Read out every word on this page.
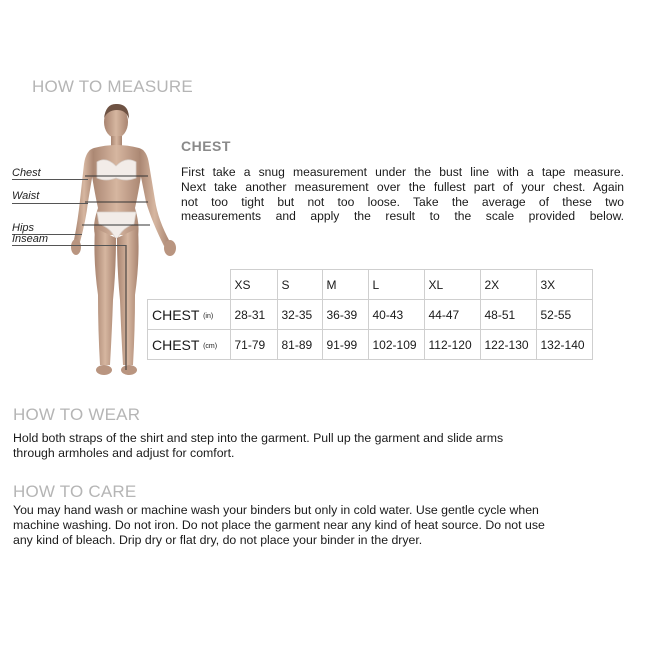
HOW TO MEASURE
Chest
Waist
Hips
Inseam
CHEST
First take a snug measurement under the bust line with a tape measure.
Next take another measurement over the fullest part of your chest. Again
not too tight but not too loose. Take the average of these two
measurements and apply the result to the scale provided below.
	XS	S	M	L	XL	2X	3X
CHEST (in)	28-31	32-35	36-39	40-43	44-47	48-51	52-55
CHEST (cm)	71-79	81-89	91-99	102-109	112-120	122-130	132-140
HOW TO WEAR
Hold both straps of the shirt and step into the garment. Pull up the garment and slide arms
through armholes and adjust for comfort.
HOW TO CARE
You may hand wash or machine wash your binders but only in cold water. Use gentle cycle when
machine washing. Do not iron. Do not place the garment near any kind of heat source. Do not use
any kind of bleach. Drip dry or flat dry, do not place your binder in the dryer.
